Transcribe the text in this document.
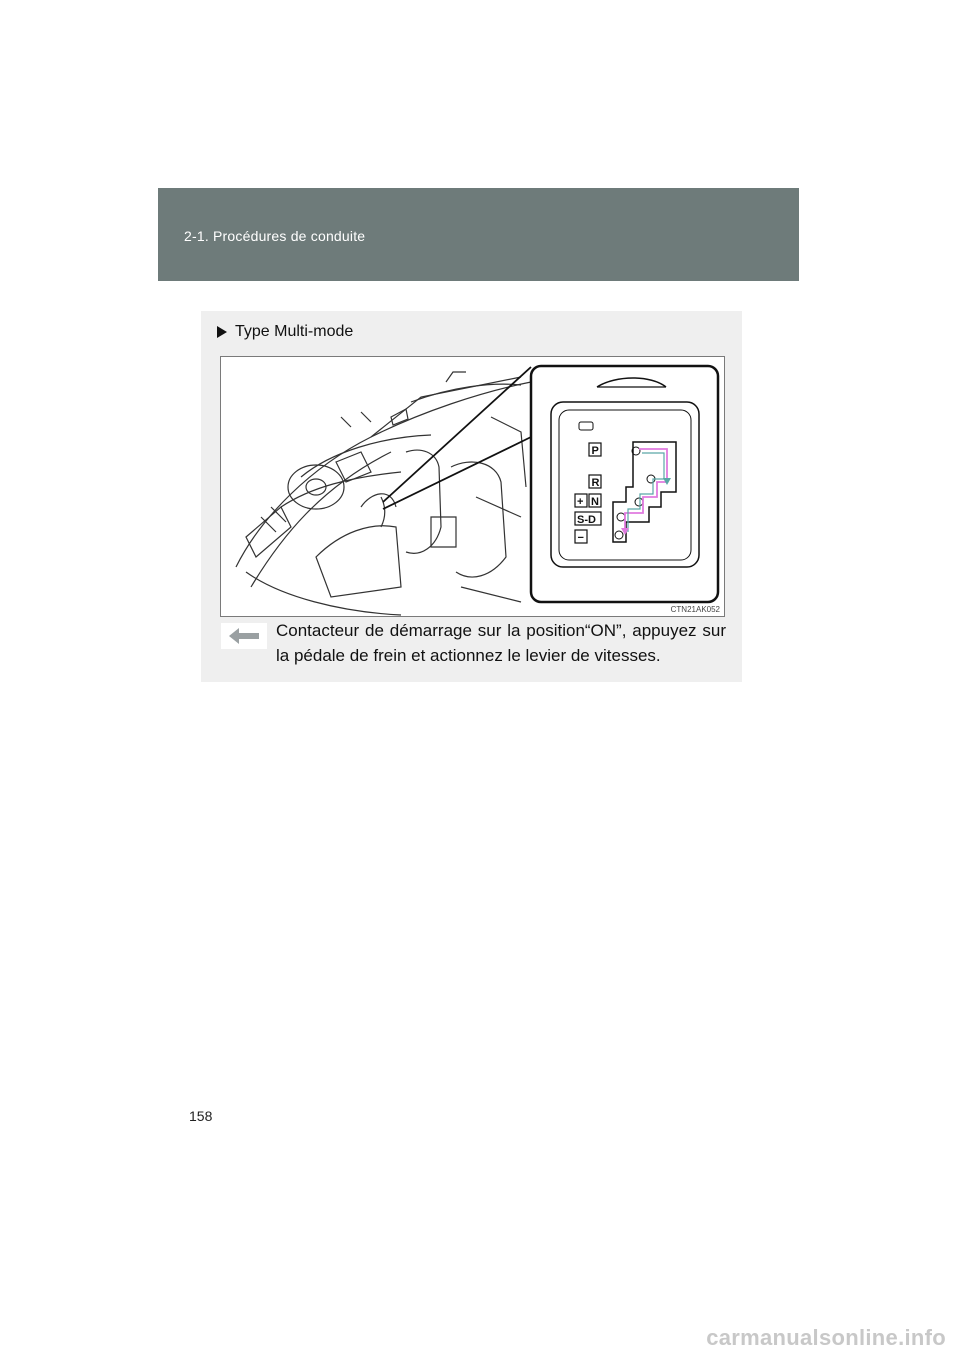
2-1. Procédures de conduite
Type Multi-mode
P
R
+ N
S-D
−
CTN21AK052
Contacteur de démarrage sur la position“ON”, appuyez sur la pédale de frein et actionnez le levier de vitesses.
158
carmanualsonline.info
